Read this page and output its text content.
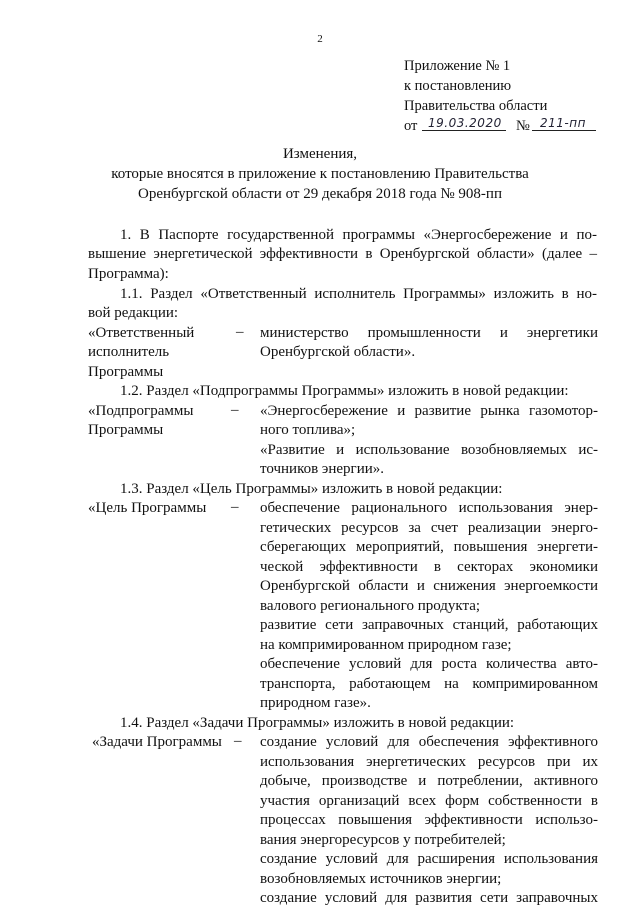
2
Приложение № 1
к постановлению
Правительства области
от 19.03.2020 № 211-пп
Изменения,
которые вносятся в приложение к постановлению Правительства
Оренбургской области от 29 декабря 2018 года № 908-пп
1. В Паспорте государственной программы «Энергосбережение и по-
вышение энергетической эффективности в Оренбургской области» (далее –
Программа):
1.1. Раздел «Ответственный исполнитель Программы» изложить в но-
вой редакции:
«Ответственный
исполнитель
Программы
– министерство промышленности и энергетики
Оренбургской области».
1.2. Раздел «Подпрограммы Программы» изложить в новой редакции:
«Подпрограммы
Программы
– «Энергосбережение и развитие рынка газомотор-
ного топлива»;
«Развитие и использование возобновляемых ис-
точников энергии».
1.3. Раздел «Цель Программы» изложить в новой редакции:
«Цель Программы – обеспечение рационального использования энер-
гетических ресурсов за счет реализации энерго-
сберегающих мероприятий, повышения энергети-
ческой эффективности в секторах экономики
Оренбургской области и снижения энергоемкости
валового регионального продукта;
развитие сети заправочных станций, работающих
на компримированном природном газе;
обеспечение условий для роста количества авто-
транспорта, работающем на компримированном
природном газе».
1.4. Раздел «Задачи Программы» изложить в новой редакции:
«Задачи Программы – создание условий для обеспечения эффективного
использования энергетических ресурсов при их
добыче, производстве и потреблении, активного
участия организаций всех форм собственности в
процессах повышения эффективности использо-
вания энергоресурсов у потребителей;
создание условий для расширения использования
возобновляемых источников энергии;
создание условий для развития сети заправочных
